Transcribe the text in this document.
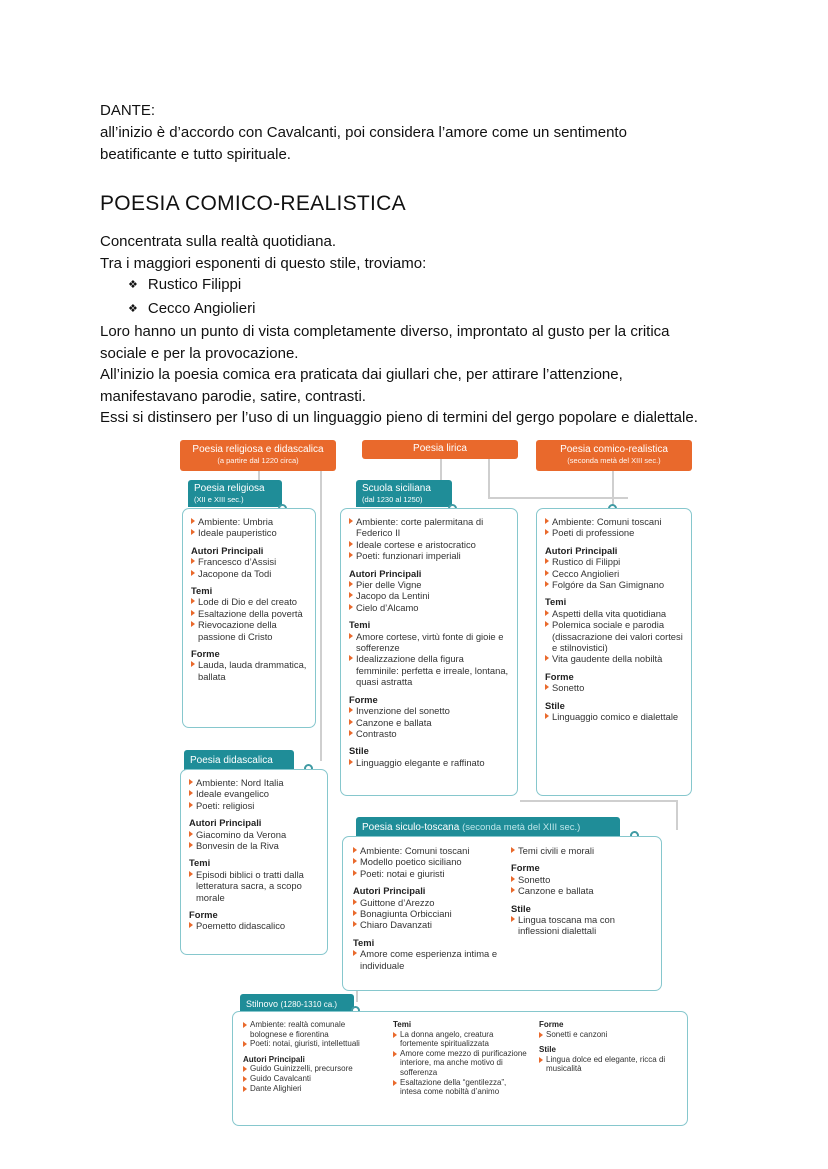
DANTE:
all’inizio è d’accordo con Cavalcanti, poi considera l’amore come un sentimento beatificante e tutto spirituale.
POESIA COMICO-REALISTICA

Concentrata sulla realtà quotidiana.

Tra i maggiori esponenti di questo stile, troviamo:

❖ Rustico Filippi

❖ Cecco Angiolieri

Loro hanno un punto di vista completamente diverso, improntato al gusto per la critica sociale e per la provocazione.

All’inizio la poesia comica era praticata dai giullari che, per attirare l’attenzione, manifestavano parodie, satire, contrasti.

Essi si distinsero per l’uso di un linguaggio pieno di termini del gergo popolare e dialettale.

Poesia religiosa e didascalica
(a partire dal 1220 circa)
Poesia lirica	Poesia comico-realistica
(seconda metà del XIII sec.)
Poesia religiosa
(XII e XIII sec.)
Ambiente: Umbria
Ideale pauperistico
Autori Principali
Francesco d’Assisi
Jacopone da Todi
Temi
Lode di Dio e del creato
Esaltazione della povertà
Rievocazione della passione di Cristo
Forme
Lauda, lauda drammatica, ballata
Scuola siciliana
(dal 1230 al 1250)
Ambiente: corte palermitana di Federico II
Ideale cortese e aristocratico
Poeti: funzionari imperiali
Autori Principali
Pier delle Vigne
Jacopo da Lentini
Cielo d’Alcamo
Temi
Amore cortese, virtù fonte di gioie e sofferenze
Idealizzazione della figura femminile: perfetta e irreale, lontana, quasi astratta
Forme
Invenzione del sonetto
Canzone e ballata
Contrasto
Stile
Linguaggio elegante e raffinato
Ambiente: Comuni toscani
Poeti di professione
Autori Principali
Rustico di Filippi
Cecco Angiolieri
Folgóre da San Gimignano
Temi
Aspetti della vita quotidiana
Polemica sociale e parodia (dissacrazione dei valori cortesi e stilnovistici)
Vita gaudente della nobiltà
Forme
Sonetto
Stile
Linguaggio comico e dialettale
Poesia didascalica
Ambiente: Nord Italia
Ideale evangelico
Poeti: religiosi
Autori Principali
Giacomino da Verona
Bonvesin de la Riva
Temi
Episodi biblici o tratti dalla letteratura sacra, a scopo morale
Forme
Poemetto didascalico
Poesia siculo-toscana (seconda metà del XIII sec.)
Ambiente: Comuni toscani
Modello poetico siciliano
Poeti: notai e giuristi
Autori Principali
Guittone d’Arezzo
Bonagiunta Orbicciani
Chiaro Davanzati
Temi
Amore come esperienza intima e individuale
Temi civili e morali
Forme
Sonetto
Canzone e ballata
Stile
Lingua toscana ma con inflessioni dialettali
Stilnovo (1280-1310 ca.)
Ambiente: realtà comunale bolognese e fiorentina
Poeti: notai, giuristi, intellettuali
Autori Principali
Guido Guinizzelli, precursore
Guido Cavalcanti
Dante Alighieri
Temi
La donna angelo, creatura fortemente spiritualizzata
Amore come mezzo di purificazione interiore, ma anche motivo di sofferenza
Esaltazione della “gentilezza”, intesa come nobiltà d’animo
Forme
Sonetti e canzoni
Stile
Lingua dolce ed elegante, ricca di musicalità
